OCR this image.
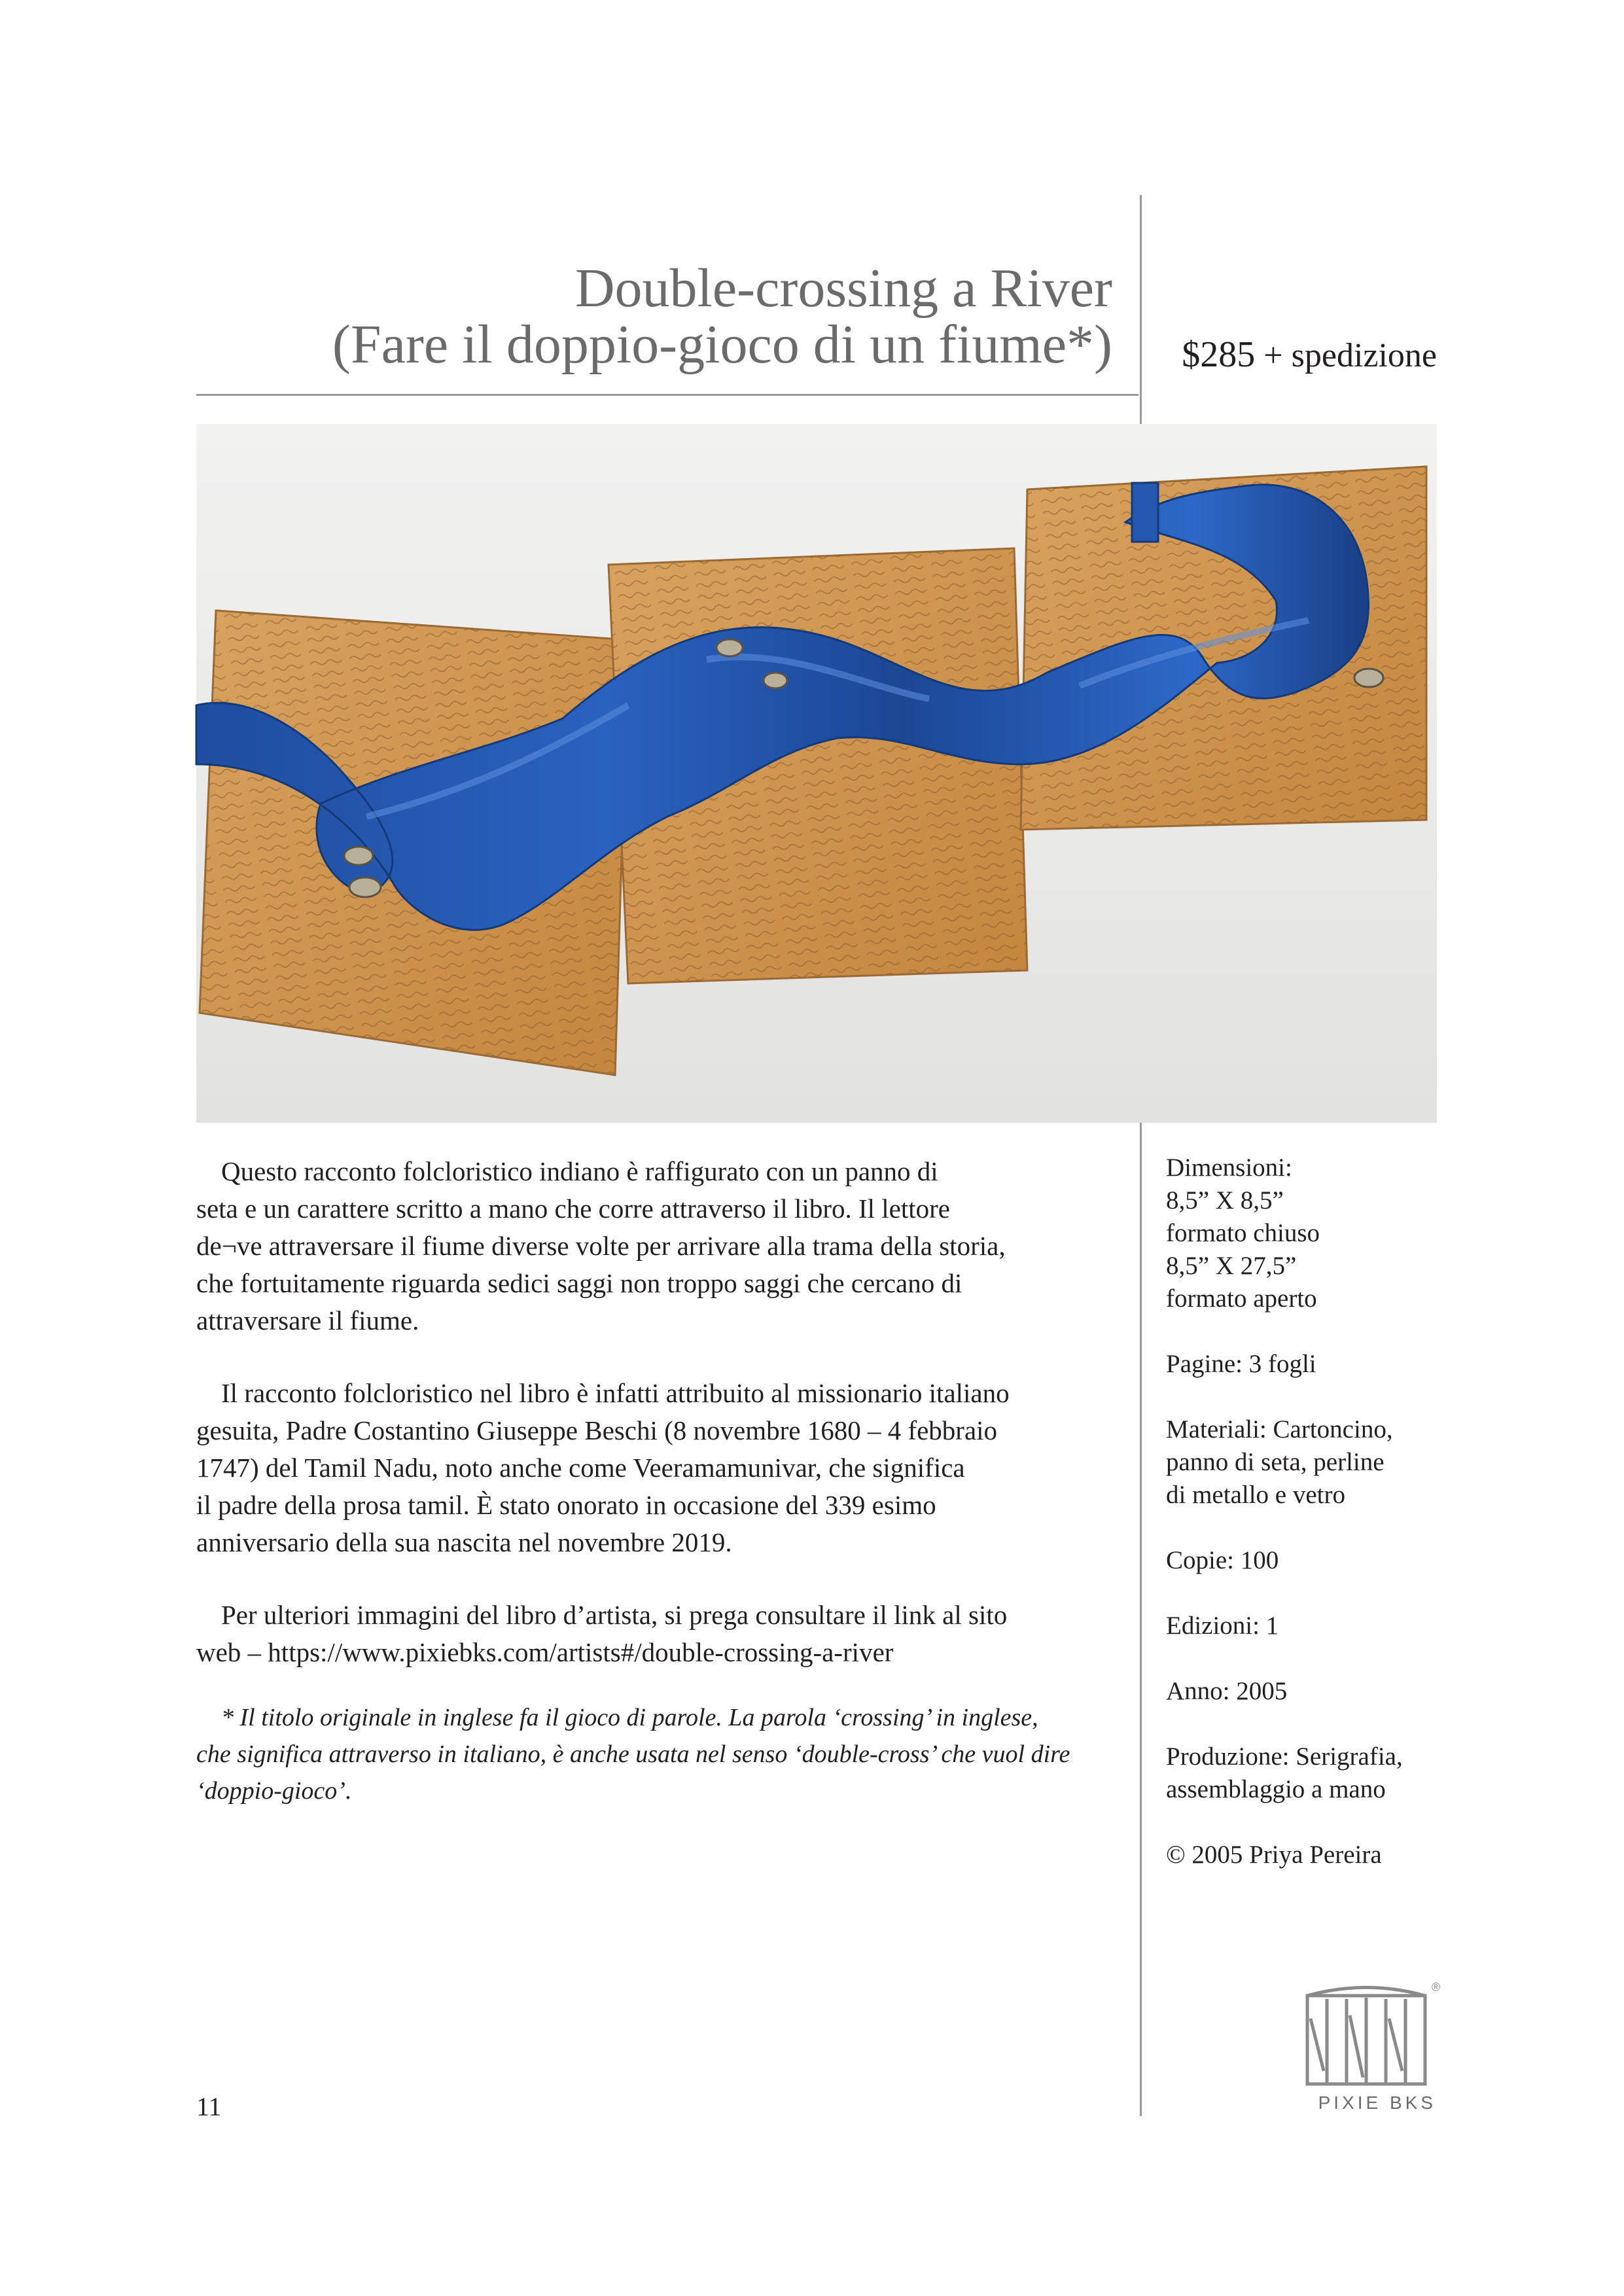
Double-crossing a River
(Fare il doppio-gioco di un fiume*)	$285 + spedizione

Questo racconto folcloristico indiano è raffigurato con un panno di
seta e un carattere scritto a mano che corre attraverso il libro. Il lettore
de¬ve attraversare il fiume diverse volte per arrivare alla trama della storia,
che fortuitamente riguarda sedici saggi non troppo saggi che cercano di
attraversare il fiume.

Il racconto folcloristico nel libro è infatti attribuito al missionario italiano
gesuita, Padre Costantino Giuseppe Beschi (8 novembre 1680 – 4 febbraio
1747) del Tamil Nadu, noto anche come Veeramamunivar, che significa
il padre della prosa tamil. È stato onorato in occasione del 339 esimo
anniversario della sua nascita nel novembre 2019.

Per ulteriori immagini del libro d’artista, si prega consultare il link al sito
web – https://www.pixiebks.com/artists#/double-crossing-a-river

* Il titolo originale in inglese fa il gioco di parole. La parola ‘crossing’ in inglese,
che significa attraverso in italiano, è anche usata nel senso ‘double-cross’ che vuol dire
‘doppio-gioco’.
Dimensioni:
8,5” X 8,5”
formato chiuso
8,5” X 27,5”
formato aperto
Pagine: 3 fogli
Materiali: Cartoncino,
panno di seta, perline
di metallo e vetro
Copie: 100
Edizioni: 1
Anno: 2005
Produzione: Serigrafia,
assemblaggio a mano
© 2005 Priya Pereira
®
PIXIE BKS
11
